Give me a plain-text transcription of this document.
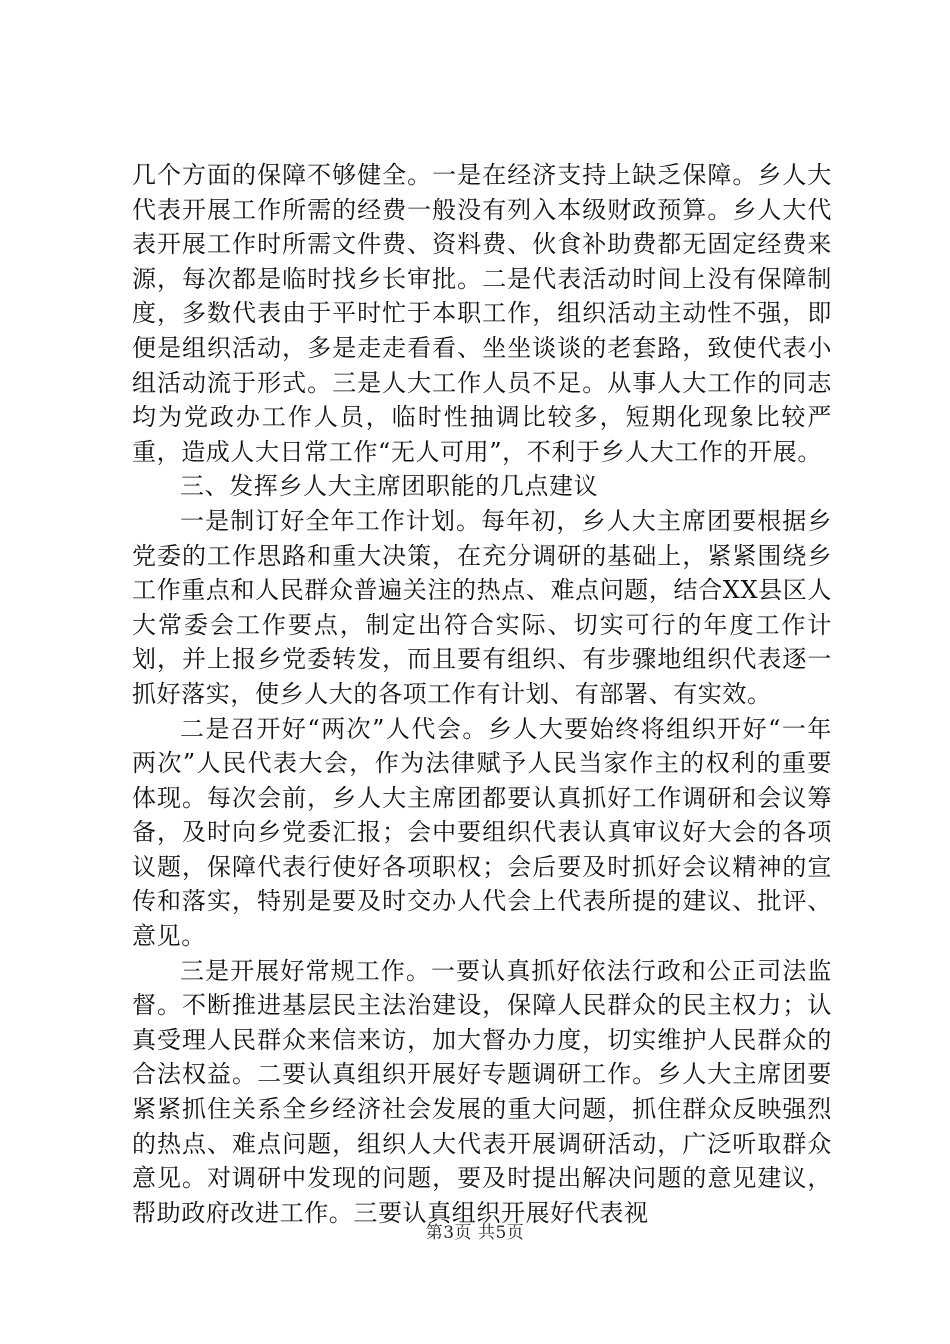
几个方面的保障不够健全。一是在经济支持上缺乏保障。乡人大代表开展工作所需的经费一般没有列入本级财政预算。乡人大代表开展工作时所需文件费、资料费、伙食补助费都无固定经费来源，每次都是临时找乡长审批。二是代表活动时间上没有保障制度，多数代表由于平时忙于本职工作，组织活动主动性不强，即便是组织活动，多是走走看看、坐坐谈谈的老套路，致使代表小组活动流于形式。三是人大工作人员不足。从事人大工作的同志均为党政办工作人员，临时性抽调比较多，短期化现象比较严重，造成人大日常工作“无人可用”，不利于乡人大工作的开展。

三、发挥乡人大主席团职能的几点建议

一是制订好全年工作计划。每年初，乡人大主席团要根据乡党委的工作思路和重大决策，在充分调研的基础上，紧紧围绕乡工作重点和人民群众普遍关注的热点、难点问题，结合XX县区人大常委会工作要点，制定出符合实际、切实可行的年度工作计划，并上报乡党委转发，而且要有组织、有步骤地组织代表逐一抓好落实，使乡人大的各项工作有计划、有部署、有实效。

二是召开好“两次”人代会。乡人大要始终将组织开好“一年两次”人民代表大会，作为法律赋予人民当家作主的权利的重要体现。每次会前，乡人大主席团都要认真抓好工作调研和会议筹备，及时向乡党委汇报；会中要组织代表认真审议好大会的各项议题，保障代表行使好各项职权；会后要及时抓好会议精神的宣传和落实，特别是要及时交办人代会上代表所提的建议、批评、意见。

三是开展好常规工作。一要认真抓好依法行政和公正司法监督。不断推进基层民主法治建设，保障人民群众的民主权力；认真受理人民群众来信来访，加大督办力度，切实维护人民群众的合法权益。二要认真组织开展好专题调研工作。乡人大主席团要紧紧抓住关系全乡经济社会发展的重大问题，抓住群众反映强烈的热点、难点问题，组织人大代表开展调研活动，广泛听取群众意见。对调研中发现的问题，要及时提出解决问题的意见建议，帮助政府改进工作。三要认真组织开展好代表视

第3页 共5页
